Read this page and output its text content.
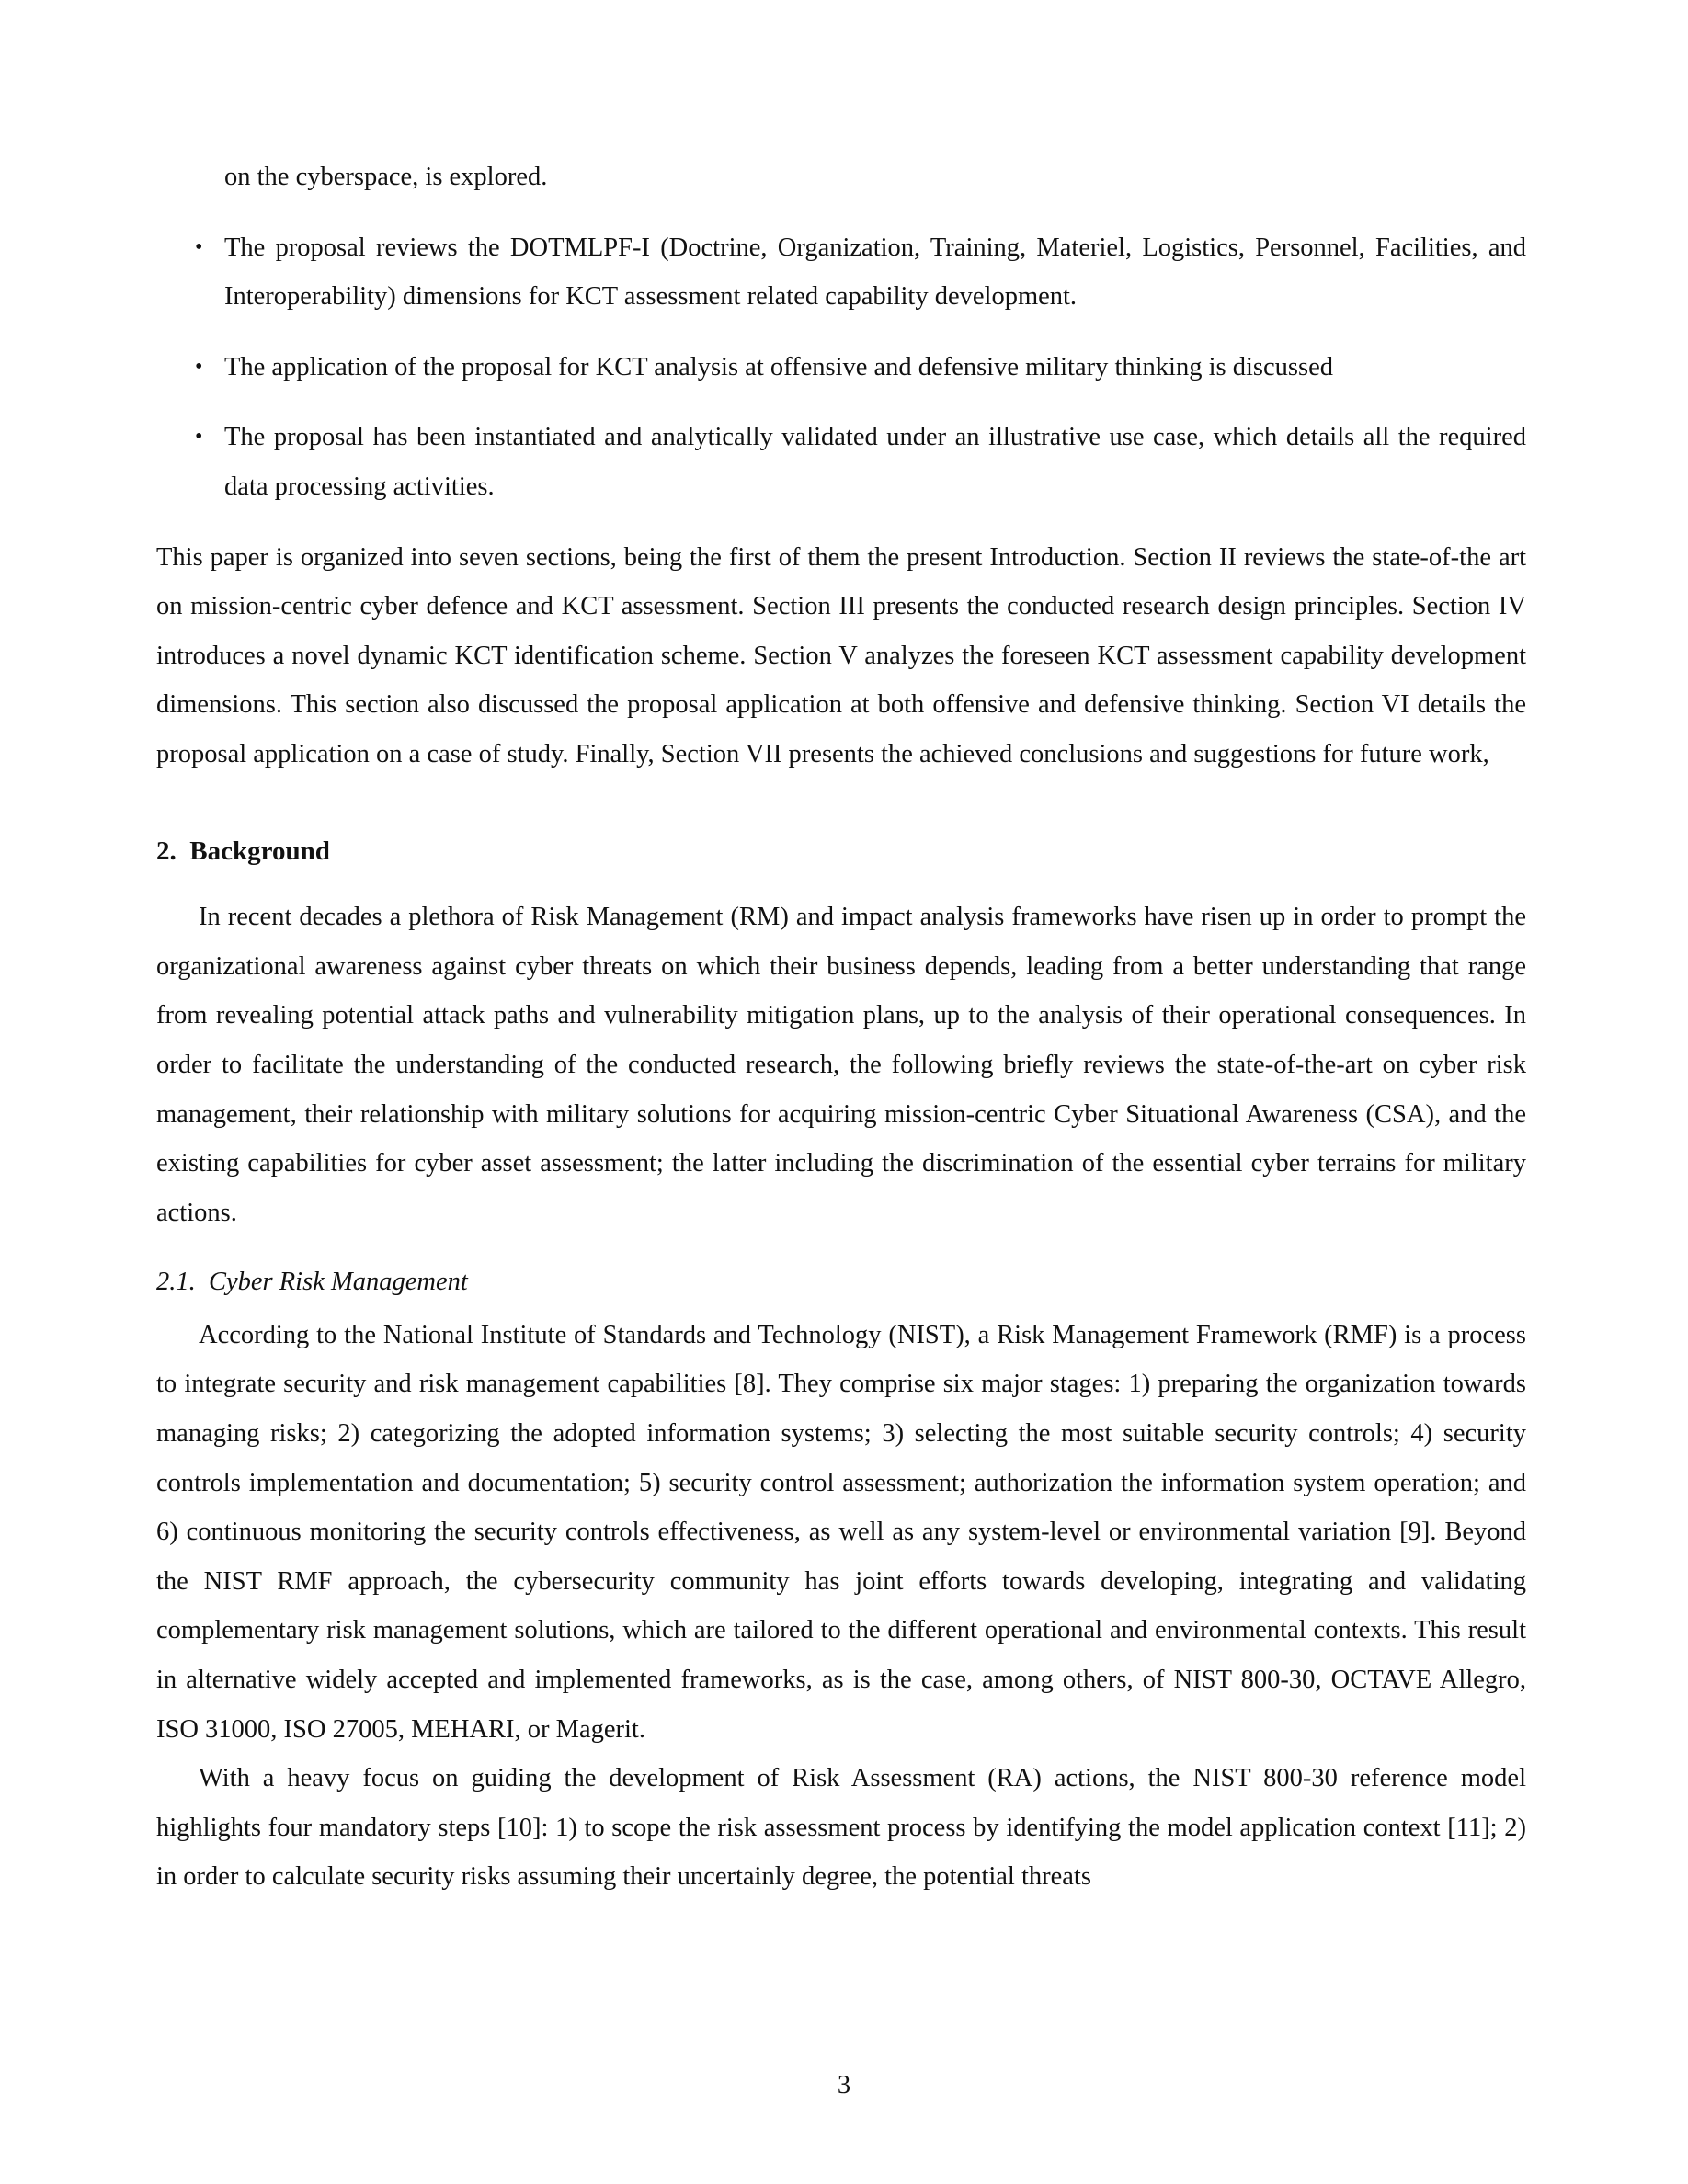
on the cyberspace, is explored.

• The proposal reviews the DOTMLPF-I (Doctrine, Organization, Training, Materiel, Logistics, Personnel, Facilities, and Interoperability) dimensions for KCT assessment related capability development.

• The application of the proposal for KCT analysis at offensive and defensive military thinking is discussed

• The proposal has been instantiated and analytically validated under an illustrative use case, which details all the required data processing activities.

This paper is organized into seven sections, being the first of them the present Introduction. Section II reviews the state-of-the art on mission-centric cyber defence and KCT assessment. Section III presents the conducted research design principles. Section IV introduces a novel dynamic KCT identification scheme. Section V analyzes the foreseen KCT assessment capability development dimensions. This section also discussed the proposal application at both offensive and defensive thinking. Section VI details the proposal application on a case of study. Finally, Section VII presents the achieved conclusions and suggestions for future work,

2. Background

In recent decades a plethora of Risk Management (RM) and impact analysis frameworks have risen up in order to prompt the organizational awareness against cyber threats on which their business depends, leading from a better understanding that range from revealing potential attack paths and vulnerability mitigation plans, up to the analysis of their operational consequences. In order to facilitate the understanding of the conducted research, the following briefly reviews the state-of-the-art on cyber risk management, their relationship with military solutions for acquiring mission-centric Cyber Situational Awareness (CSA), and the existing capabilities for cyber asset assessment; the latter including the discrimination of the essential cyber terrains for military actions.

2.1. Cyber Risk Management

According to the National Institute of Standards and Technology (NIST), a Risk Management Framework (RMF) is a process to integrate security and risk management capabilities [8]. They comprise six major stages: 1) preparing the organization towards managing risks; 2) categorizing the adopted information systems; 3) selecting the most suitable security controls; 4) security controls implementation and documentation; 5) security control assessment; authorization the information system operation; and 6) continuous monitoring the security controls effectiveness, as well as any system-level or environmental variation [9]. Beyond the NIST RMF approach, the cybersecurity community has joint efforts towards developing, integrating and validating complementary risk management solutions, which are tailored to the different operational and environmental contexts. This result in alternative widely accepted and implemented frameworks, as is the case, among others, of NIST 800-30, OCTAVE Allegro, ISO 31000, ISO 27005, MEHARI, or Magerit.

With a heavy focus on guiding the development of Risk Assessment (RA) actions, the NIST 800-30 reference model highlights four mandatory steps [10]: 1) to scope the risk assessment process by identifying the model application context [11]; 2) in order to calculate security risks assuming their uncertainly degree, the potential threats

3
